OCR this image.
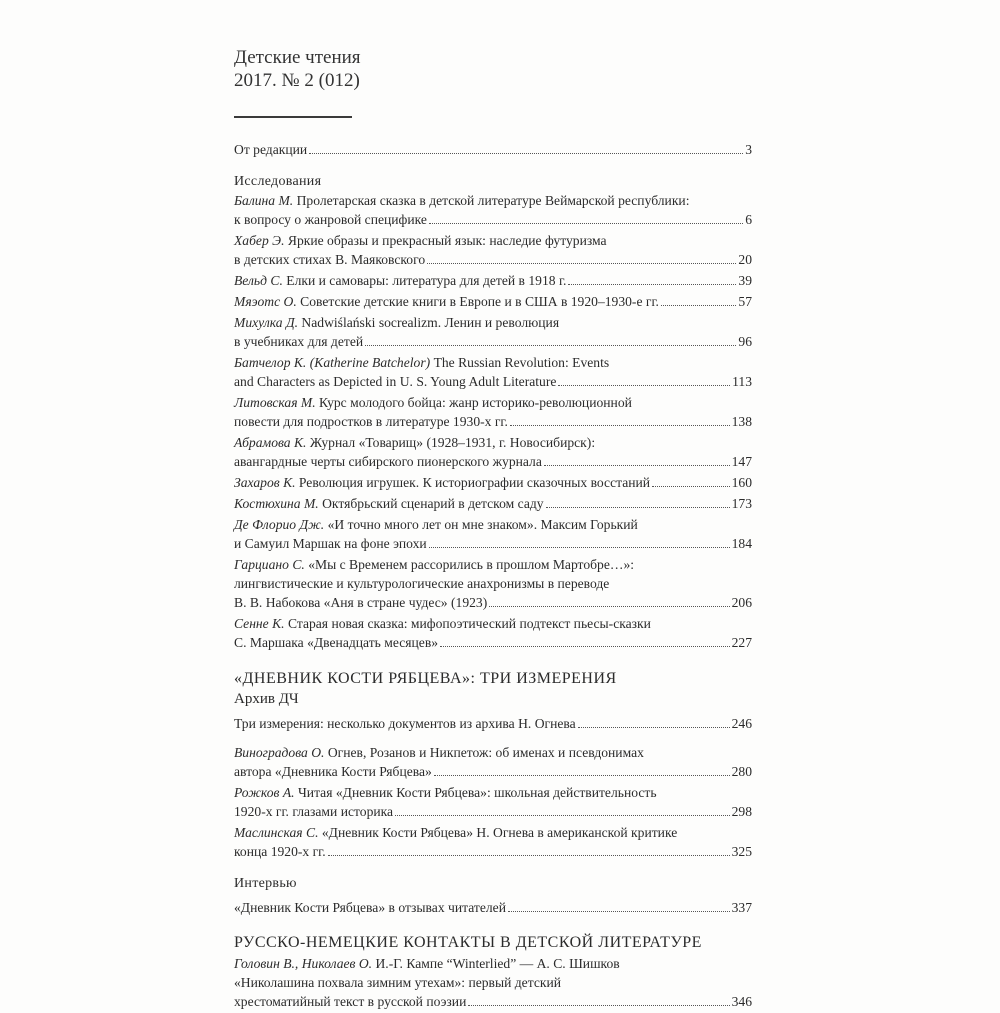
Детские чтения
2017. № 2 (012)
От редакции	3
Исследования
Балина М. Пролетарская сказка в детской литературе Веймарской республики:
к вопросу о жанровой специфике	6
Хабер Э. Яркие образы и прекрасный язык: наследие футуризма
в детских стихах В. Маяковского	20
Вельд С. Елки и самовары: литература для детей в 1918 г.	39
Мяэотс О. Советские детские книги в Европе и в США в 1920–1930-е гг.	57
Михулка Д. Nadwiślański socrealizm. Ленин и революция
в учебниках для детей	96
Батчелор К. (Katherine Batchelor) The Russian Revolution: Events
and Characters as Depicted in U. S. Young Adult Literature	113
Литовская М. Курс молодого бойца: жанр историко-революционной
повести для подростков в литературе 1930-х гг.	138
Абрамова К. Журнал «Товарищ» (1928–1931, г. Новосибирск):
авангардные черты сибирского пионерского журнала	147
Захаров К. Революция игрушек. К историографии сказочных восстаний	160
Костюхина М. Октябрьский сценарий в детском саду	173
Де Флорио Дж. «И точно много лет он мне знаком». Максим Горький
и Самуил Маршак на фоне эпохи	184
Гарциано С. «Мы с Временем рассорились в прошлом Мартобре…»:
лингвистические и культурологические анахронизмы в переводе
В. В. Набокова «Аня в стране чудес» (1923)	206
Сенне К. Старая новая сказка: мифопоэтический подтекст пьесы-сказки
С. Маршака «Двенадцать месяцев»	227
«ДНЕВНИК КОСТИ РЯБЦЕВА»: ТРИ ИЗМЕРЕНИЯ
Архив ДЧ
Три измерения: несколько документов из архива Н. Огнева	246
Виноградова О. Огнев, Розанов и Никпетож: об именах и псевдонимах
автора «Дневника Кости Рябцева»	280
Рожков А. Читая «Дневник Кости Рябцева»: школьная действительность
1920-х гг. глазами историка	298
Маслинская С. «Дневник Кости Рябцева» Н. Огнева в американской критике
конца 1920-х гг.	325
Интервью
«Дневник Кости Рябцева» в отзывах читателей	337
РУССКО-НЕМЕЦКИЕ КОНТАКТЫ В ДЕТСКОЙ ЛИТЕРАТУРЕ
Головин В., Николаев О. И.-Г. Кампе “Winterlied” — А. С. Шишков
«Николашина похвала зимним утехам»: первый детский
хрестоматийный текст в русской поэзии	346
